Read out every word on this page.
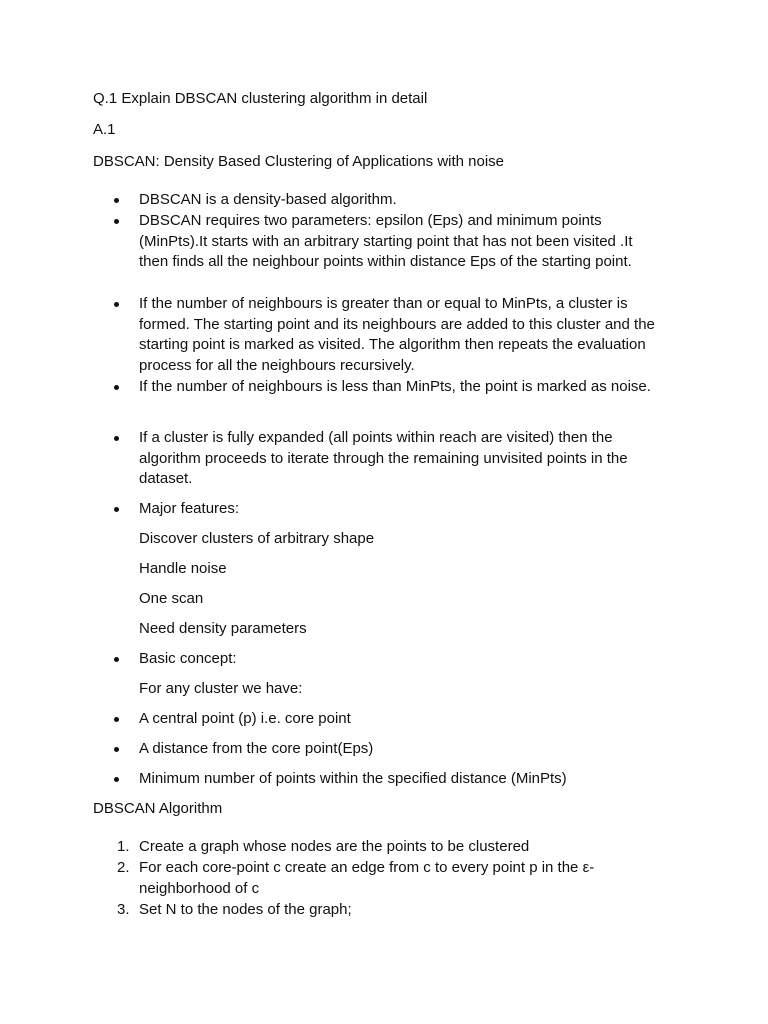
Q.1 Explain DBSCAN clustering algorithm in detail

A.1

DBSCAN: Density Based Clustering of Applications with noise

DBSCAN is a density-based algorithm.

DBSCAN requires two parameters: epsilon (Eps) and minimum points (MinPts).It starts with an arbitrary starting point that has not been visited .It then finds all the neighbour points within distance Eps of the starting point.

If the number of neighbours is greater than or equal to MinPts, a cluster is formed. The starting point and its neighbours are added to this cluster and the starting point is marked as visited. The algorithm then repeats the evaluation process for all the neighbours recursively.

If the number of neighbours is less than MinPts, the point is marked as noise.

If a cluster is fully expanded (all points within reach are visited) then the algorithm proceeds to iterate through the remaining unvisited points in the dataset.

Major features:

Discover clusters of arbitrary shape

Handle noise

One scan

Need density parameters

Basic concept:

For any cluster we have:

A central point (p) i.e. core point

A distance from the core point(Eps)

Minimum number of points within the specified distance (MinPts)

DBSCAN Algorithm

1. Create a graph whose nodes are the points to be clustered

2. For each core-point c create an edge from c to every point p in the ε-neighborhood of c

3. Set N to the nodes of the graph;
